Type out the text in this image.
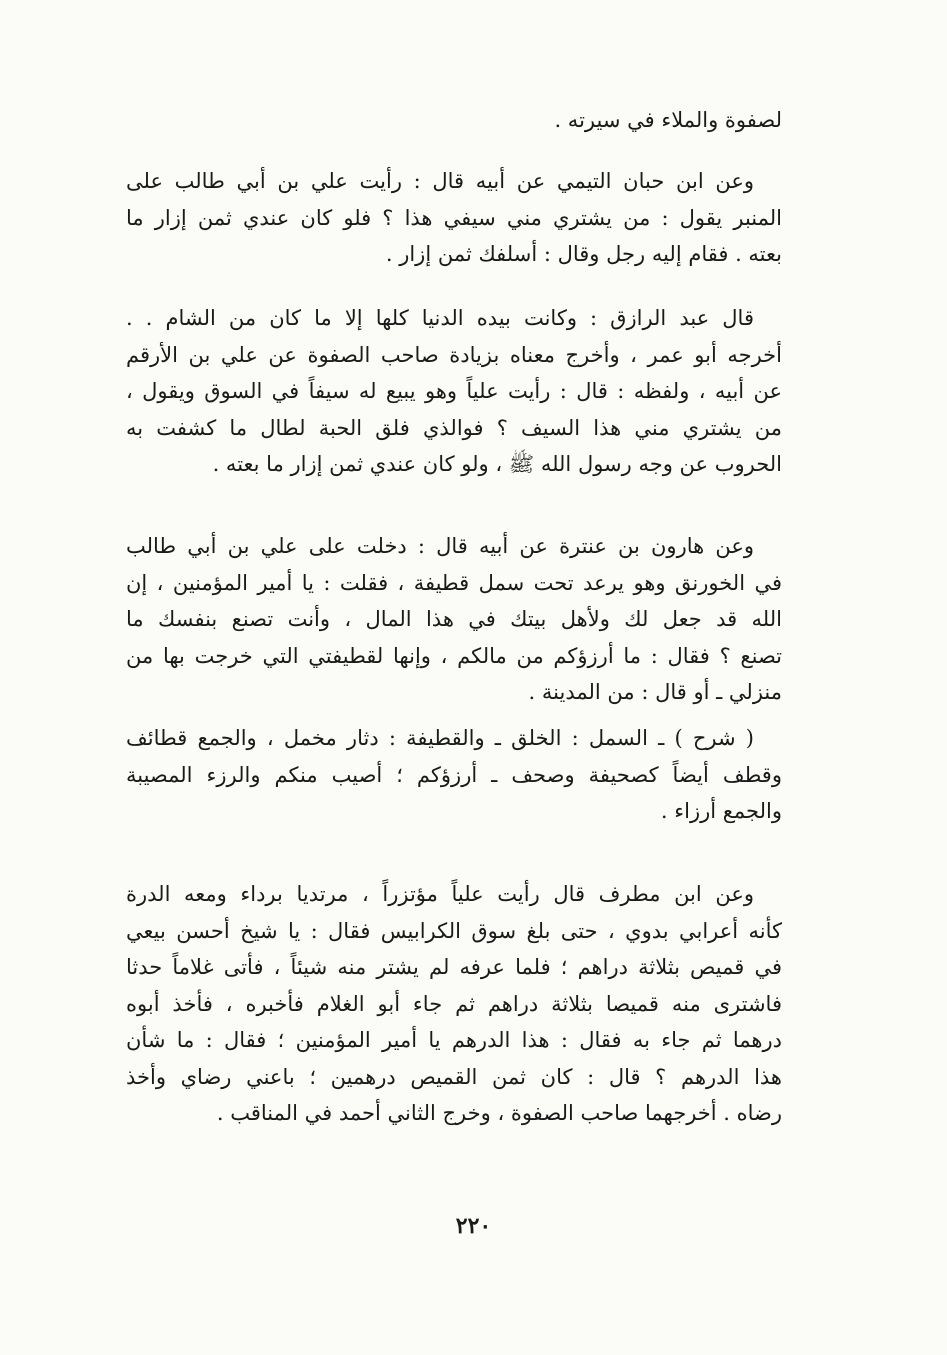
لصفوة والملاء في سيرته .
وعن ابن حبان التيمي عن أبيه قال : رأيت علي بن أبي طالب على
المنبر يقول : من يشتري مني سيفي هذا ؟ فلو كان عندي ثمن إزار ما
بعته . فقام إليه رجل وقال : أسلفك ثمن إزار .
قال عبد الرازق : وكانت بيده الدنيا كلها إلا ما كان من الشام . .
أخرجه أبو عمر ، وأخرج معناه بزيادة صاحب الصفوة عن علي بن الأرقم
عن أبيه ، ولفظه : قال : رأيت علياً وهو يبيع له سيفاً في السوق ويقول ،
من يشتري مني هذا السيف ؟ فوالذي فلق الحبة لطال ما كشفت به
الحروب عن وجه رسول الله ﷺ ، ولو كان عندي ثمن إزار ما بعته .
وعن هارون بن عنترة عن أبيه قال : دخلت على علي بن أبي طالب
في الخورنق وهو يرعد تحت سمل قطيفة ، فقلت : يا أمير المؤمنين ، إن
الله قد جعل لك ولأهل بيتك في هذا المال ، وأنت تصنع بنفسك ما
تصنع ؟ فقال : ما أرزؤكم من مالكم ، وإنها لقطيفتي التي خرجت بها من
منزلي ـ أو قال : من المدينة .
( شرح ) ـ السمل : الخلق ـ والقطيفة : دثار مخمل ، والجمع قطائف
وقطف أيضاً كصحيفة وصحف ـ أرزؤكم ؛ أصيب منكم والرزء المصيبة
والجمع أرزاء .
وعن ابن مطرف قال رأيت علياً مؤتزراً ، مرتديا برداء ومعه الدرة
كأنه أعرابي بدوي ، حتى بلغ سوق الكرابيس فقال : يا شيخ أحسن بيعي
في قميص بثلاثة دراهم ؛ فلما عرفه لم يشتر منه شيئاً ، فأتى غلاماً حدثا
فاشترى منه قميصا بثلاثة دراهم ثم جاء أبو الغلام فأخبره ، فأخذ أبوه
درهما ثم جاء به فقال : هذا الدرهم يا أمير المؤمنين ؛ فقال : ما شأن
هذا الدرهم ؟ قال : كان ثمن القميص درهمين ؛ باعني رضاي وأخذ
رضاه . أخرجهما صاحب الصفوة ، وخرج الثاني أحمد في المناقب .
٢٢٠
